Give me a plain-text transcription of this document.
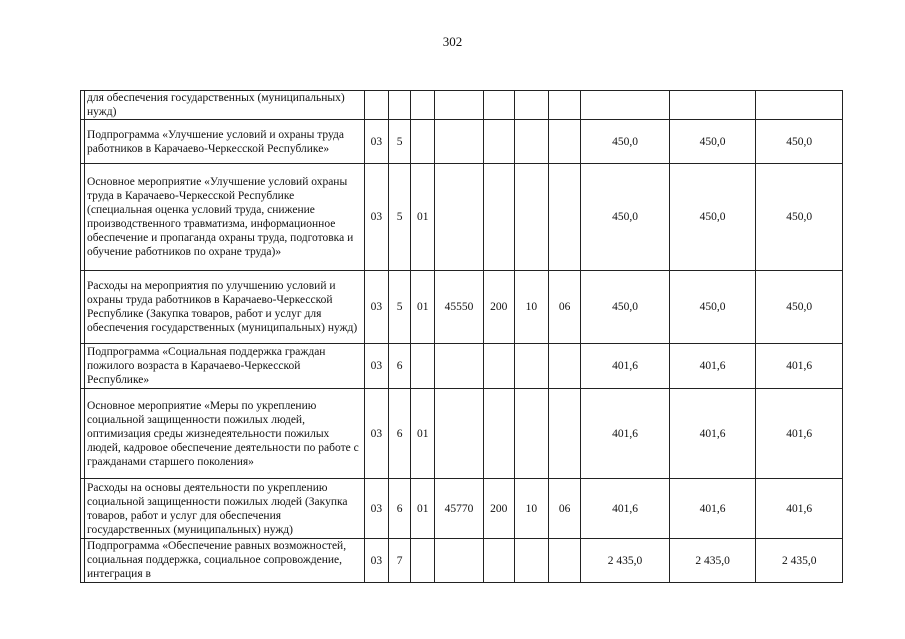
302
	для обеспечения государственных (муниципальных) нужд)										
	Подпрограмма «Улучшение условий и охраны труда работников в Карачаево-Черкесской Республике»	03	5						450,0	450,0	450,0
	Основное мероприятие «Улучшение условий охраны труда в Карачаево-Черкесской Республике (специальная оценка условий труда, снижение производственного травматизма, информационное обеспечение и пропаганда охраны труда, подготовка и обучение работников по охране труда)»	03	5	01					450,0	450,0	450,0
	Расходы на мероприятия по улучшению условий и охраны труда работников в Карачаево-Черкесской Республике (Закупка товаров, работ и услуг для обеспечения государственных (муниципальных) нужд)	03	5	01	45550	200	10	06	450,0	450,0	450,0
	Подпрограмма «Социальная поддержка граждан пожилого возраста в Карачаево-Черкесской Республике»	03	6						401,6	401,6	401,6
	Основное мероприятие «Меры по укреплению социальной защищенности пожилых людей, оптимизация среды жизнедеятельности пожилых людей, кадровое обеспечение деятельности по работе с гражданами старшего поколения»	03	6	01					401,6	401,6	401,6
	Расходы на основы деятельности по укреплению социальной защищенности пожилых людей (Закупка товаров, работ и услуг для обеспечения государственных (муниципальных) нужд)	03	6	01	45770	200	10	06	401,6	401,6	401,6
	Подпрограмма «Обеспечение равных возможностей, социальная поддержка, социальное сопровождение, интеграция в	03	7						2 435,0	2 435,0	2 435,0
